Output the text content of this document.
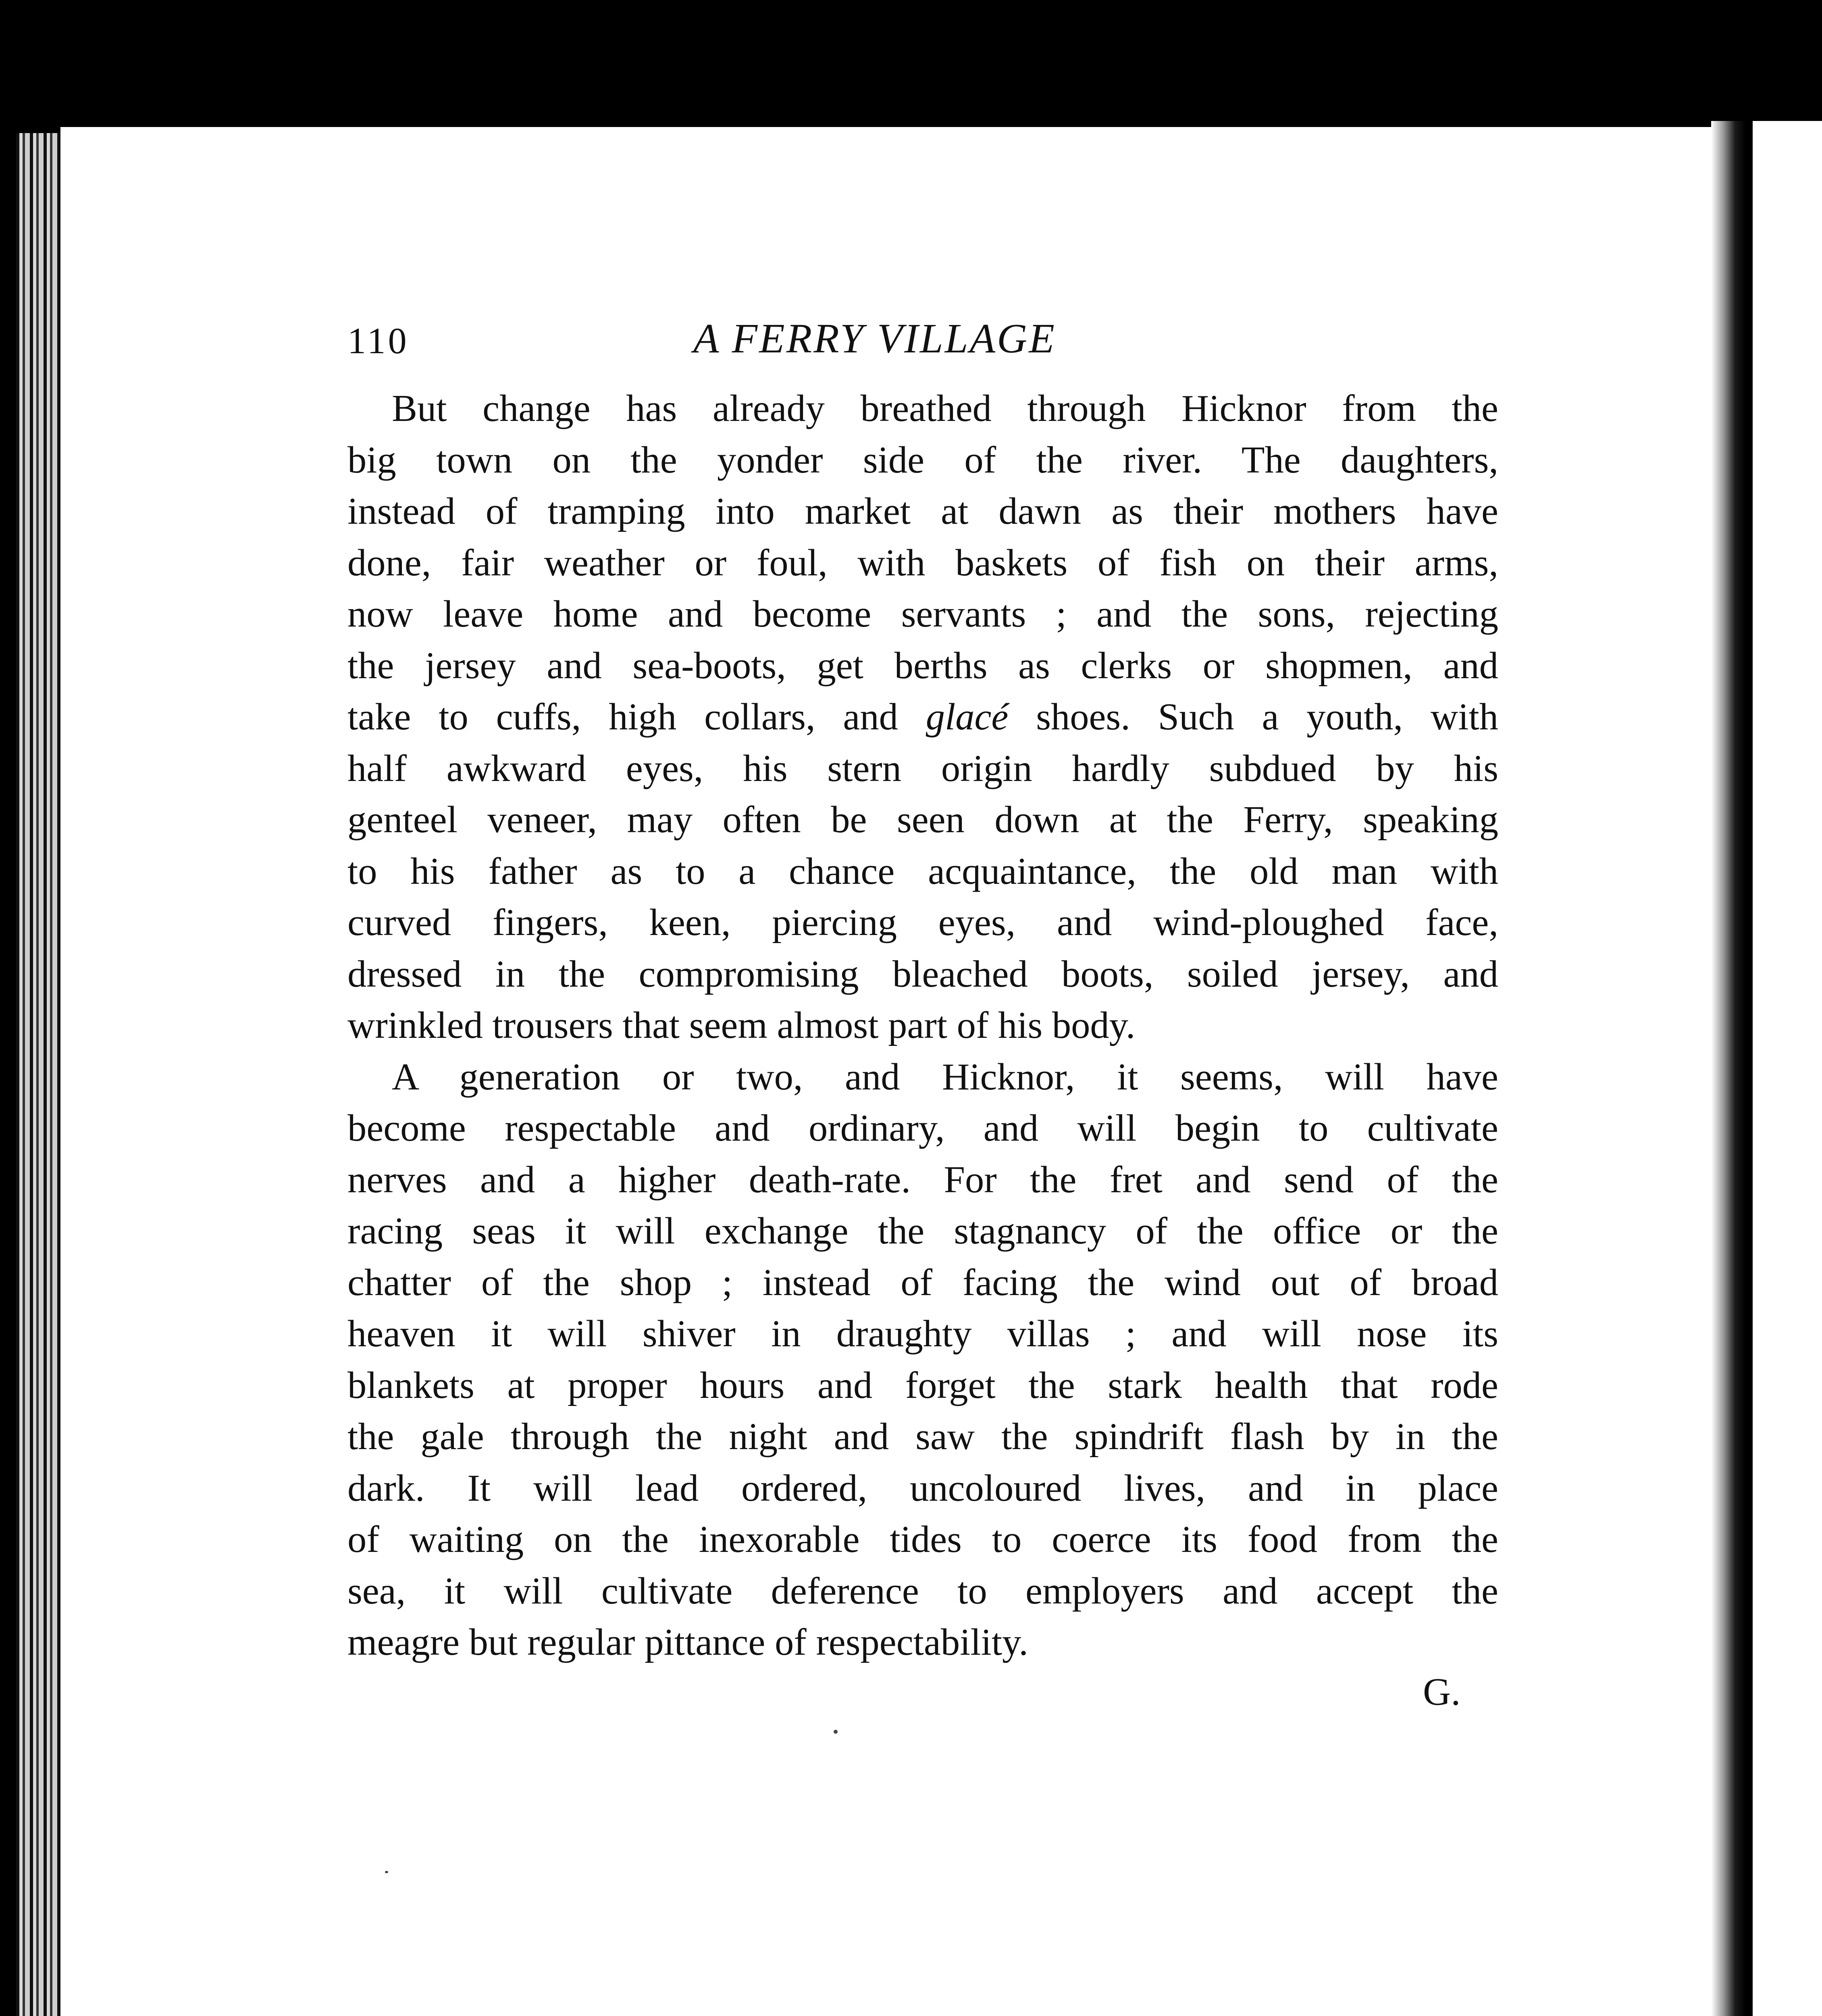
110	A FERRY VILLAGE
But change has already breathed through Hicknor from the
big town on the yonder side of the river. The daughters,
instead of tramping into market at dawn as their mothers have
done, fair weather or foul, with baskets of fish on their arms,
now leave home and become servants ; and the sons, rejecting
the jersey and sea-boots, get berths as clerks or shopmen, and
take to cuffs, high collars, and glacé shoes. Such a youth, with
half awkward eyes, his stern origin hardly subdued by his
genteel veneer, may often be seen down at the Ferry, speaking
to his father as to a chance acquaintance, the old man with
curved fingers, keen, piercing eyes, and wind-ploughed face,
dressed in the compromising bleached boots, soiled jersey, and
wrinkled trousers that seem almost part of his body.
A generation or two, and Hicknor, it seems, will have
become respectable and ordinary, and will begin to cultivate
nerves and a higher death-rate. For the fret and send of the
racing seas it will exchange the stagnancy of the office or the
chatter of the shop ; instead of facing the wind out of broad
heaven it will shiver in draughty villas ; and will nose its
blankets at proper hours and forget the stark health that rode
the gale through the night and saw the spindrift flash by in the
dark. It will lead ordered, uncoloured lives, and in place
of waiting on the inexorable tides to coerce its food from the
sea, it will cultivate deference to employers and accept the
meagre but regular pittance of respectability.
G.
